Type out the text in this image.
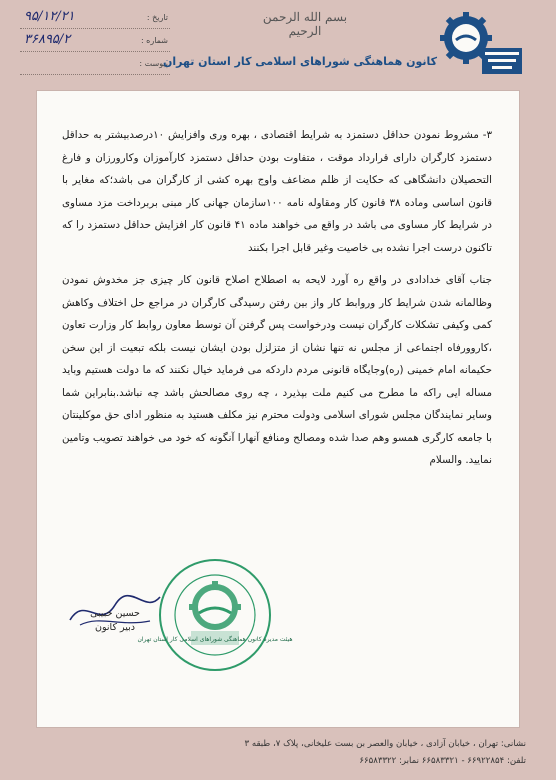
تاریخ :
۹۵/۱۲/۲۱
شماره :
۳۶۸۹۵/۲
پیوست :
بسم الله الرحمن الرحیم
کانون هماهنگی شوراهای اسلامی کار استان تهران

۳- مشروط نمودن حداقل دستمزد به شرایط اقتصادی ، بهره وری وافزایش ۱۰درصدبیشتر به حداقل دستمزد کارگران دارای قرارداد موقت ، متفاوت بودن حداقل دستمزد کارآموزان وکارورزان و فارغ التحصیلان دانشگاهی که حکایت از ظلم مضاعف واوج بهره کشی از کارگران می باشد؛که مغایر با قانون اساسی وماده ۳۸ قانون کار ومقاوله نامه ۱۰۰سازمان جهانی کار مبنی بربرداخت مزد مساوی در شرایط کار مساوی می باشد در واقع می خواهند ماده ۴۱ قانون کار افزایش حداقل دستمزد را که تاکنون درست اجرا نشده بی خاصیت وغیر قابل اجرا بکنند

جناب آقای خدادادی در واقع ره آورد لایحه به اصطلاح اصلاح قانون کار چیزی جز مخدوش نمودن وظالمانه شدن شرایط کار وروابط کار واز بین رفتن رسیدگی کارگران در مراجع حل اختلاف وکاهش کمی وکیفی تشکلات کارگران نیست ودرخواست پس گرفتن آن توسط معاون روابط کار وزارت تعاون ،کاروورفاه اجتماعی از مجلس نه تنها نشان از متزلزل بودن ایشان نیست بلکه تبعیت از این سخن حکیمانه امام خمینی (ره)وجایگاه قانونی مردم داردکه می فرماید خیال نکنند که ما دولت هستیم وباید مساله ایی راکه ما مطرح می کنیم ملت بپذیرد ، چه روی مصالحش باشد چه نباشد.بنابراین شما وسایر نمایندگان مجلس شورای اسلامی ودولت محترم نیز مکلف هستید به منظور ادای حق موکلینتان با جامعه کارگری همسو وهم صدا شده ومصالح ومنافع آنهارا آنگونه که خود می خواهند تصویب وتامین نمایید. والسلام

حسین حبیبی
دبیر کانون
هیئت مدیره کانون هماهنگی شوراهای اسلامی کار استان تهران
نشانی: تهران ، خیابان آزادی ، خیابان والعصر بن بست علیخانی، پلاک ۷، طبقه ۳
تلفن: ۶۶۹۲۲۸۵۴ - ۶۶۵۸۳۳۲۱ نمابر: ۶۶۵۸۳۳۲۲
